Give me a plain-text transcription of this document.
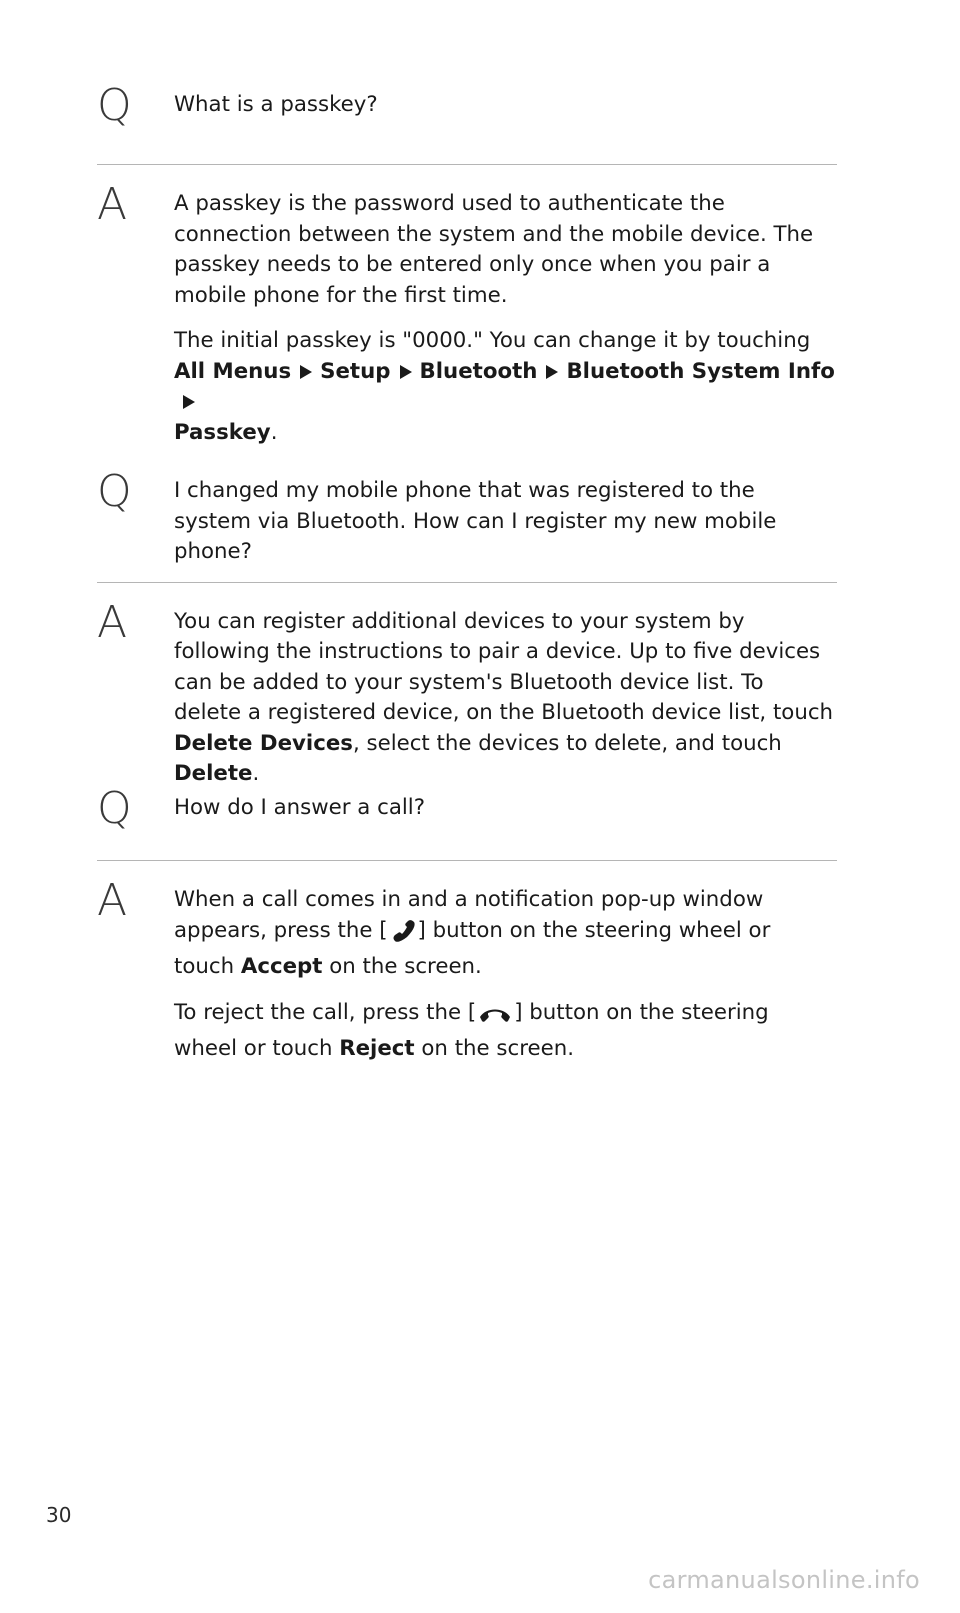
Q	What is a passkey?
A	A passkey is the password used to authenticate the connection between the system and the mobile device. The passkey needs to be entered only once when you pair a mobile phone for the first time.

The initial passkey is "0000." You can change it by touching
All Menus Setup Bluetooth Bluetooth System Info
Passkey.

Q	I changed my mobile phone that was registered to the system via Bluetooth. How can I register my new mobile phone?
A	You can register additional devices to your system by following the instructions to pair a device. Up to five devices can be added to your system's Bluetooth device list. To delete a registered device, on the Bluetooth device list, touch Delete Devices, select the devices to delete, and touch Delete.

Q	How do I answer a call?
A	When a call comes in and a notification pop-up window appears, press the [ ] button on the steering wheel or touch Accept on the screen.

To reject the call, press the [ ] button on the steering wheel or touch Reject on the screen.

30
carmanualsonline.info
